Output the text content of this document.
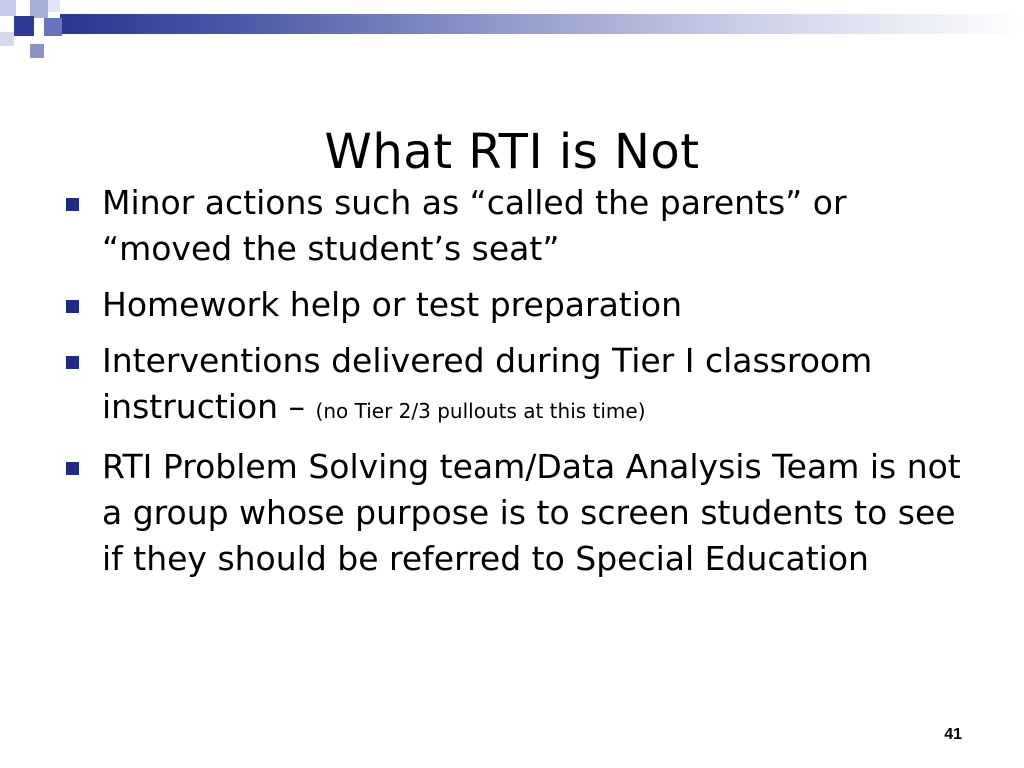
What RTI is Not
Minor actions such as “called the parents” or “moved the student’s seat”
Homework help or test preparation
Interventions delivered during Tier I classroom instruction – (no Tier 2/3 pullouts at this time)
RTI Problem Solving team/Data Analysis Team is not a group whose purpose is to screen students to see if they should be referred to Special Education
41
